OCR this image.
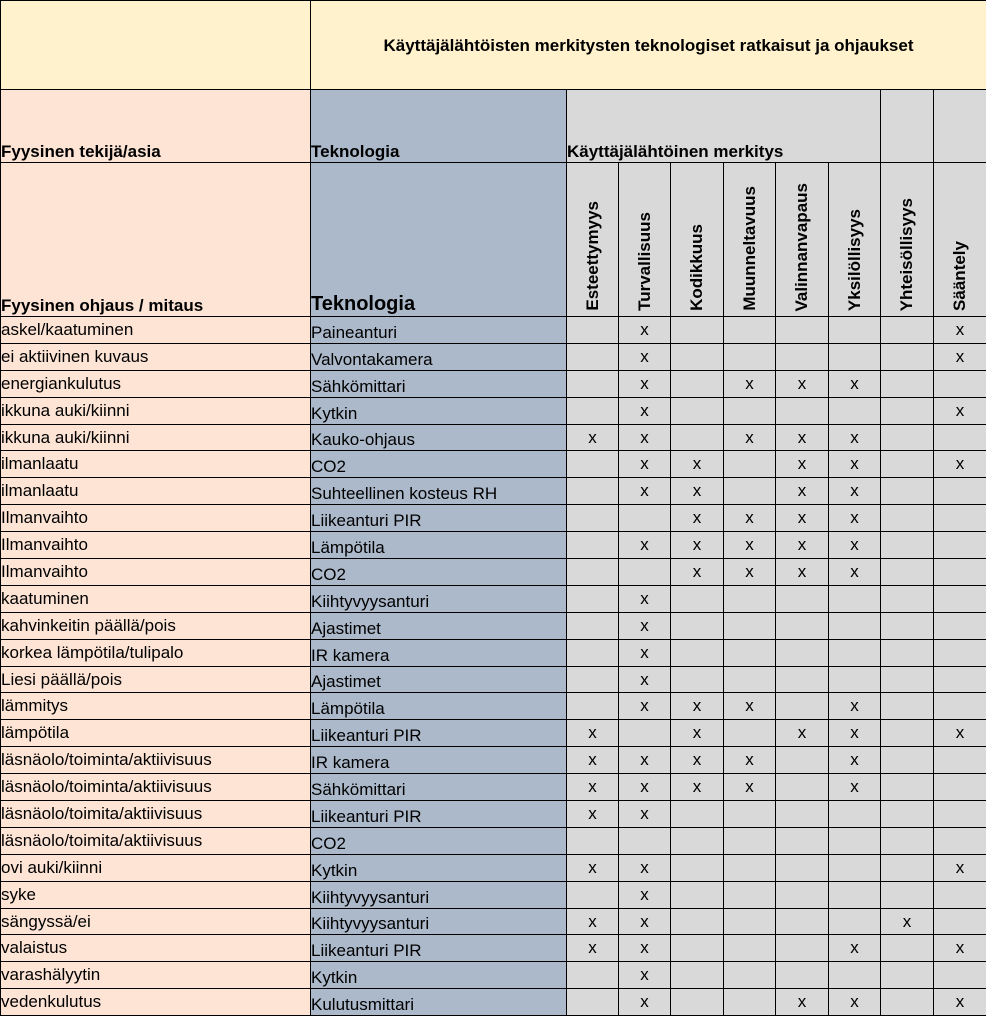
	Käyttäjälähtöisten merkitysten teknologiset ratkaisut ja ohjaukset								
Fyysinen tekijä/asia	Teknologia	Käyttäjälähtöinen merkitys							
Fyysinen ohjaus / mitaus	Teknologia	Esteettymyys	Turvallisuus	Kodikkuus	Muunneltavuus	Valinnanvapaus	Yksilöllisyys	Yhteisöllisyys	Sääntely
askel/kaatuminen	Paineanturi		x						x
ei aktiivinen kuvaus	Valvontakamera		x						x
energiankulutus	Sähkömittari		x		x	x	x		
ikkuna auki/kiinni	Kytkin		x						x
ikkuna auki/kiinni	Kauko-ohjaus	x	x		x	x	x		
ilmanlaatu	CO2		x	x		x	x		x
ilmanlaatu	Suhteellinen kosteus RH		x	x		x	x		
Ilmanvaihto	Liikeanturi PIR			x	x	x	x		
Ilmanvaihto	Lämpötila		x	x	x	x	x		
Ilmanvaihto	CO2			x	x	x	x		
kaatuminen	Kiihtyvyysanturi		x						
kahvinkeitin päällä/pois	Ajastimet		x						
korkea lämpötila/tulipalo	IR kamera		x						
Liesi päällä/pois	Ajastimet		x						
lämmitys	Lämpötila		x	x	x		x		
lämpötila	Liikeanturi PIR	x		x		x	x		x
läsnäolo/toiminta/aktiivisuus	IR kamera	x	x	x	x		x		
läsnäolo/toiminta/aktiivisuus	Sähkömittari	x	x	x	x		x		
läsnäolo/toimita/aktiivisuus	Liikeanturi PIR	x	x						
läsnäolo/toimita/aktiivisuus	CO2								
ovi auki/kiinni	Kytkin	x	x						x
syke	Kiihtyvyysanturi		x						
sängyssä/ei	Kiihtyvyysanturi	x	x					x	
valaistus	Liikeanturi PIR	x	x				x		x
varashälyytin	Kytkin		x						
vedenkulutus	Kulutusmittari		x			x	x		x
